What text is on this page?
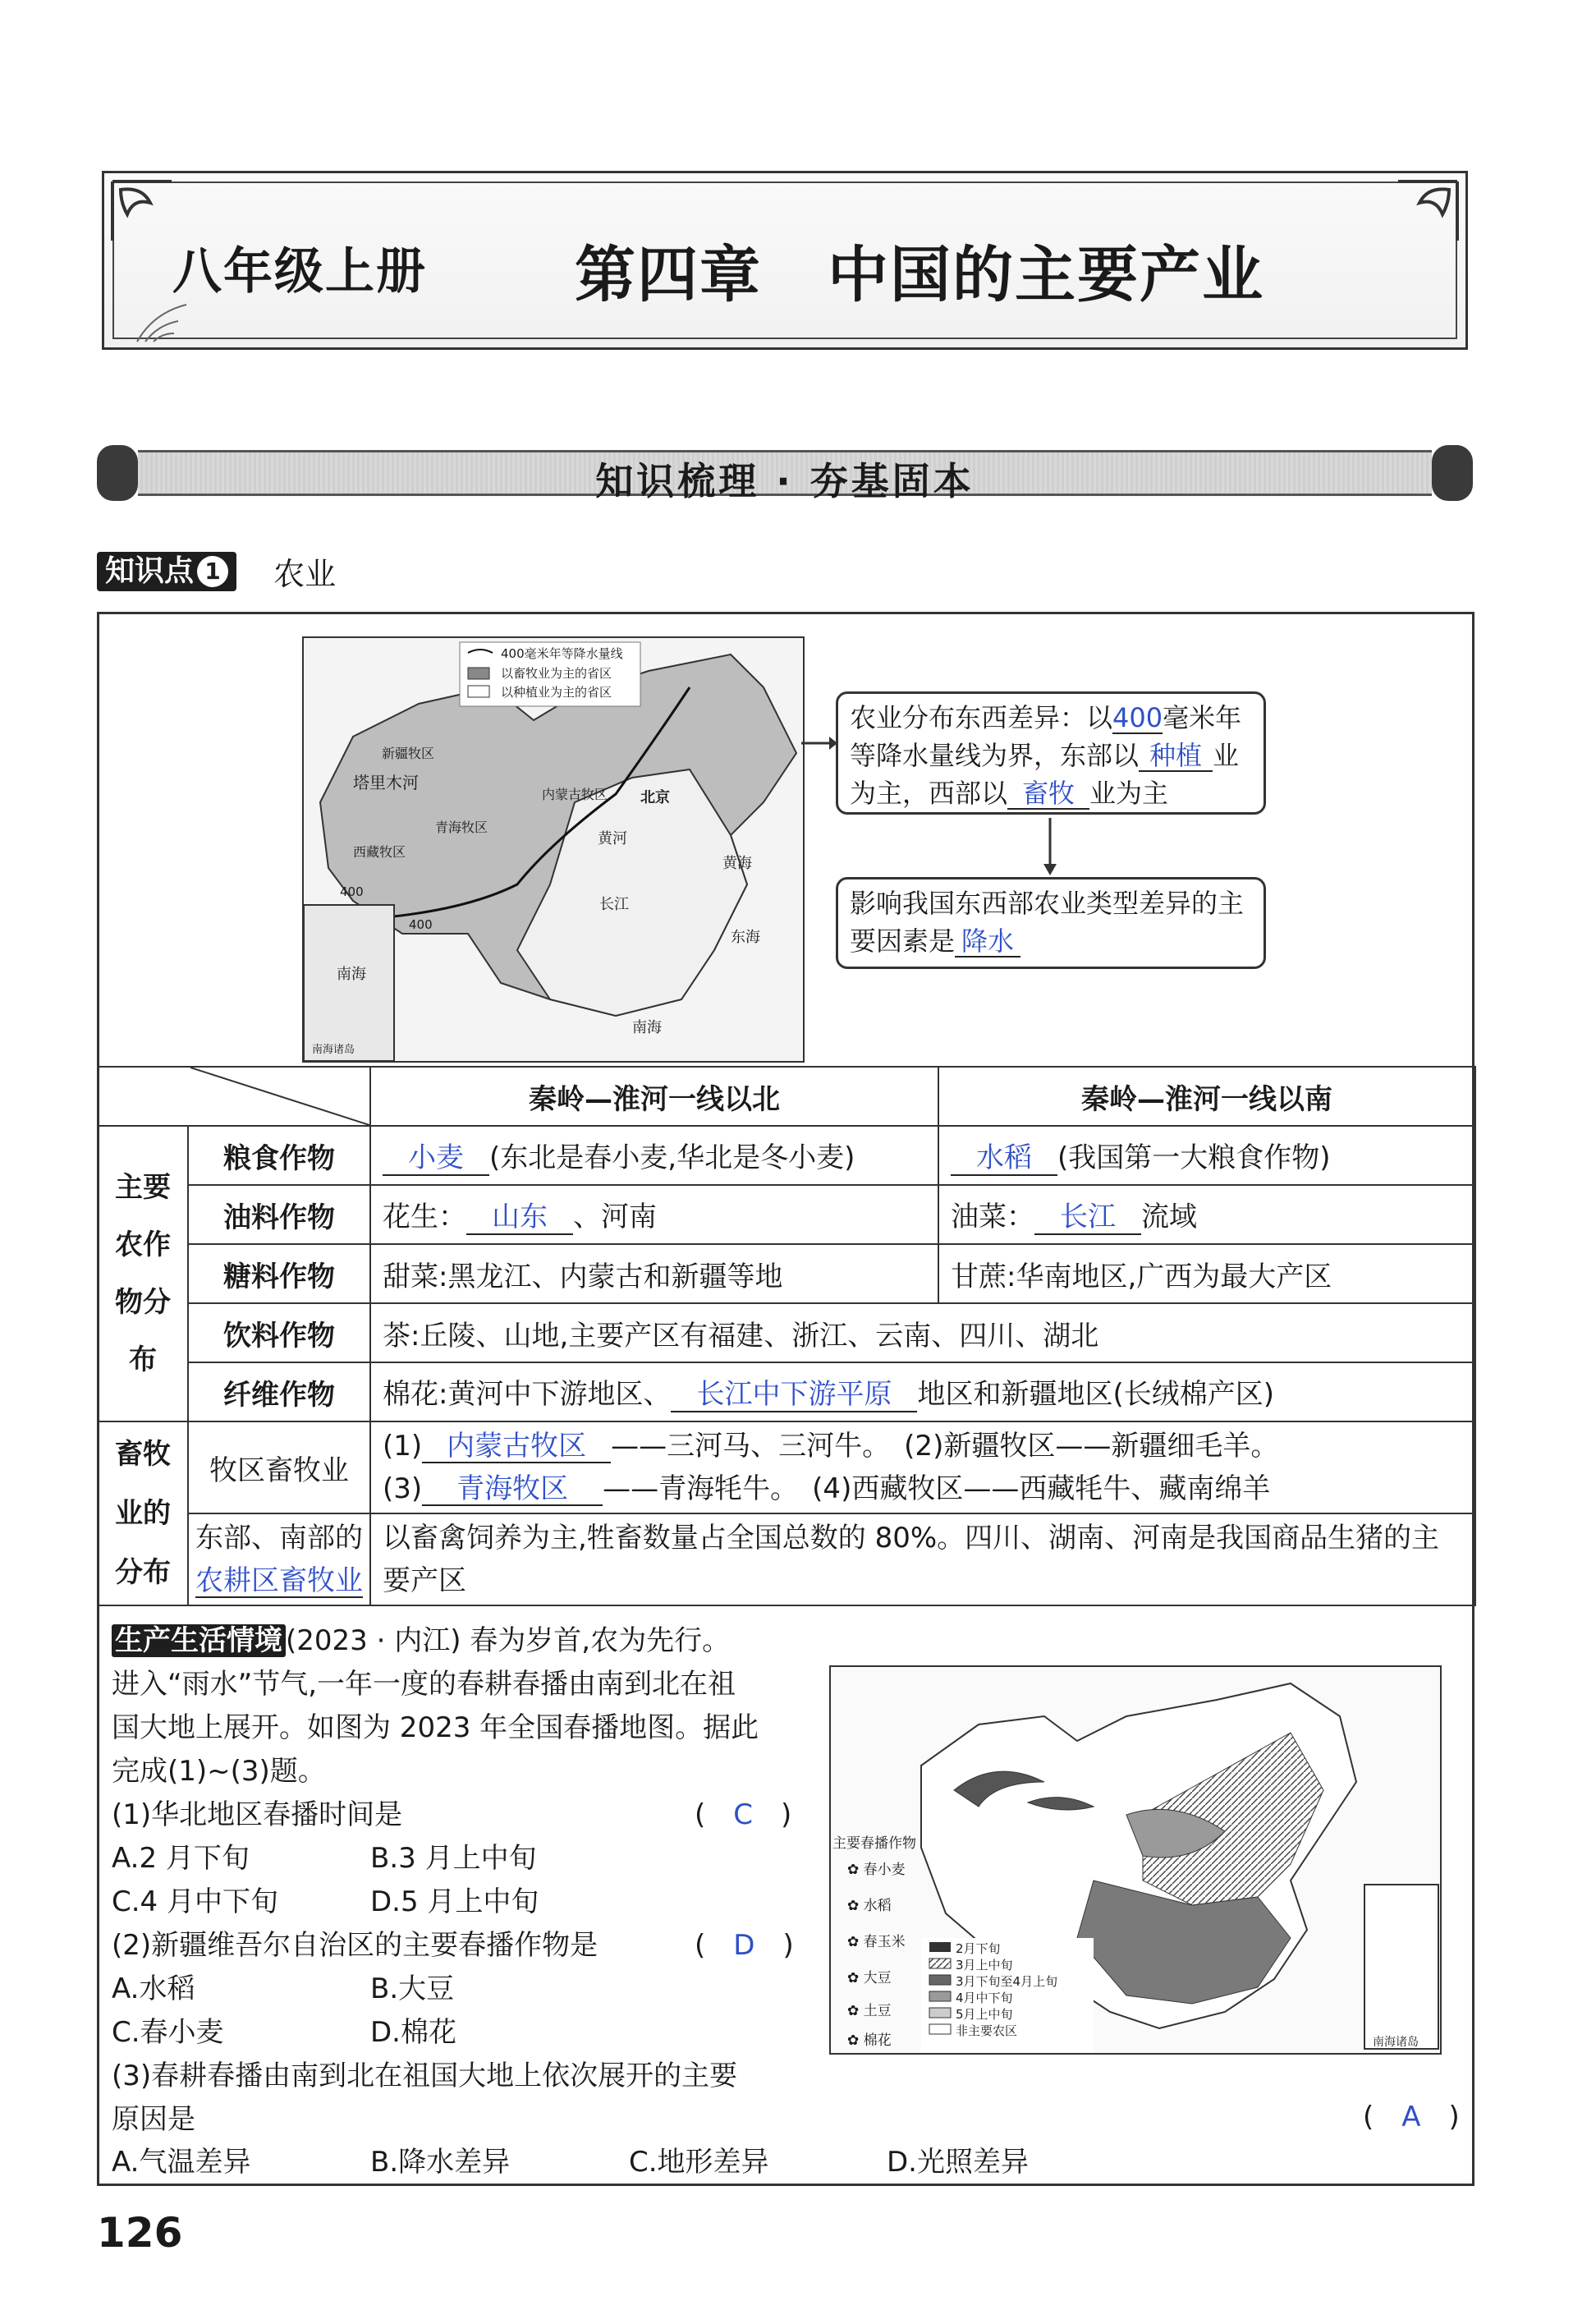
八年级上册 第四章 中国的主要产业
知识梳理 · 夯基固本
知识点 1 农业
400毫米年等降水量线
以畜牧业为主的省区
以种植业为主的省区
新疆牧区
塔里木河
西藏牧区
青海牧区
内蒙古牧区 北京
黄河
长江
400
400
南海
黄海
东海
南海
南海诸岛
农业分布东西差异：以400毫米年等降水量线为界，东部以 种植 业为主，西部以 畜牧 业为主
影响我国东西部农业类型差异的主要因素是 降水
	秦岭—淮河一线以北	秦岭—淮河一线以南
主要
农作
物分
布	粮食作物	小麦 (东北是春小麦,华北是冬小麦)	水稻 (我国第一大粮食作物)
	油料作物	花生： 山东 、河南	油菜： 长江 流域
	糖料作物	甜菜:黑龙江、内蒙古和新疆等地	甘蔗:华南地区,广西为最大产区
	饮料作物	茶:丘陵、山地,主要产区有福建、浙江、云南、四川、湖北	
	纤维作物	棉花:黄河中下游地区、 长江中下游平原 地区和新疆地区(长绒棉产区)	
畜牧
业的
分布	牧区畜牧业	(1) 内蒙古牧区 ——三河马、三河牛。　(2)新疆牧区——新疆细毛羊。
(3) 青海牧区 ——青海牦牛。　(4)西藏牧区——西藏牦牛、藏南绵羊	
	东部、南部的
农耕区畜牧业	以畜禽饲养为主,牲畜数量占全国总数的 80%。四川、湖南、河南是我国商品生猪的主要产区	
生产生活情境 (2023 · 内江) 春为岁首,农为先行。
进入“雨水”节气,一年一度的春耕春播由南到北在祖
国大地上展开。如图为 2023 年全国春播地图。据此
完成(1)~(3)题。
(1)华北地区春播时间是	(　C　)
A.2 月下旬	B.3 月上中旬
C.4 月中下旬	D.5 月上中旬
(2)新疆维吾尔自治区的主要春播作物是	(　D　)
A.水稻	B.大豆
C.春小麦	D.棉花
(3)春耕春播由南到北在祖国大地上依次展开的主要
原因是	(　A　)
A.气温差异	B.降水差异	C.地形差异	D.光照差异
主要春播作物
✿ 春小麦
✿ 水稻
✿ 春玉米
✿ 大豆
✿ 土豆
✿ 棉花
2月下旬
3月上中旬
3月下旬至4月上旬
4月中下旬
5月上中旬
非主要农区
南海诸岛
126
